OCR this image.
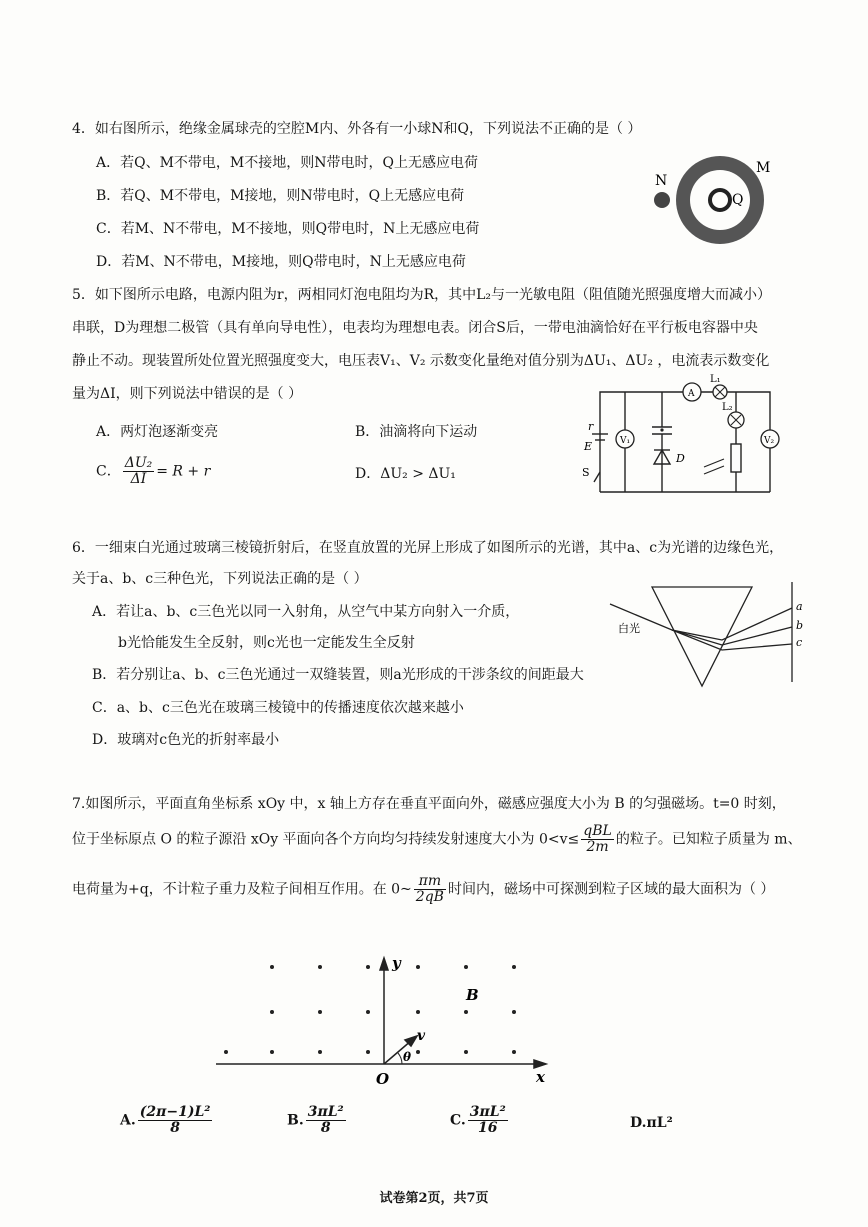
4．如右图所示，绝缘金属球壳的空腔M内、外各有一小球N和Q，下列说法不正确的是（ ）
A．若Q、M不带电，M不接地，则N带电时，Q上无感应电荷
B．若Q、M不带电，M接地，则N带电时，Q上无感应电荷
C．若M、N不带电，M不接地，则Q带电时，N上无感应电荷
D．若M、N不带电，M接地，则Q带电时，N上无感应电荷
N
Q
M
5．如下图所示电路，电源内阻为r，两相同灯泡电阻均为R，其中L₂与一光敏电阻（阻值随光照强度增大而减小）
串联，D为理想二极管（具有单向导电性），电表均为理想电表。闭合S后，一带电油滴恰好在平行板电容器中央
静止不动。现装置所处位置光照强度变大，电压表V₁、V₂ 示数变化量绝对值分别为ΔU₁、ΔU₂ ，电流表示数变化
量为ΔI，则下列说法中错误的是（ ）
A．两灯泡逐渐变亮	B．油滴将向下运动
C． $\frac{\text{ΔU₂}}{\Delta I} = R + r$	D．ΔU₂ > ΔU₁
r
E
S
V₁
A
V₂
L₁
L₂
D
6．一细束白光通过玻璃三棱镜折射后，在竖直放置的光屏上形成了如图所示的光谱，其中a、c为光谱的边缘色光，
关于a、b、c三种色光，下列说法正确的是（ ）
A．若让a、b、c三色光以同一入射角，从空气中某方向射入一介质，
b光恰能发生全反射，则c光也一定能发生全反射
B．若分别让a、b、c三色光通过一双缝装置，则a光形成的干涉条纹的间距最大
C．a、b、c三色光在玻璃三棱镜中的传播速度依次越来越小
D．玻璃对c色光的折射率最小
白光
a
b
c
7.如图所示，平面直角坐标系 xOy 中，x 轴上方存在垂直平面向外，磁感应强度大小为 B 的匀强磁场。t=0 时刻，
位于坐标原点 O 的粒子源沿 xOy 平面向各个方向均匀持续发射速度大小为 $0<v\le \frac{\text{qBL}}{2m}$ 的粒子。已知粒子质量为 m、
电荷量为+q，不计粒子重力及粒子间相互作用。在 0~ $\frac{\pi m}{2qB}$ 时间内，磁场中可探测到粒子区域的最大面积为（ ）
y
x
O
B
v
θ
A. $\frac{\text{(2π−1)L²}}{8}$	B. $\frac{\text{3πL²}}{8}$	C. $\frac{\text{3πL²}}{16}$	D.πL²
试卷第2页，共7页
